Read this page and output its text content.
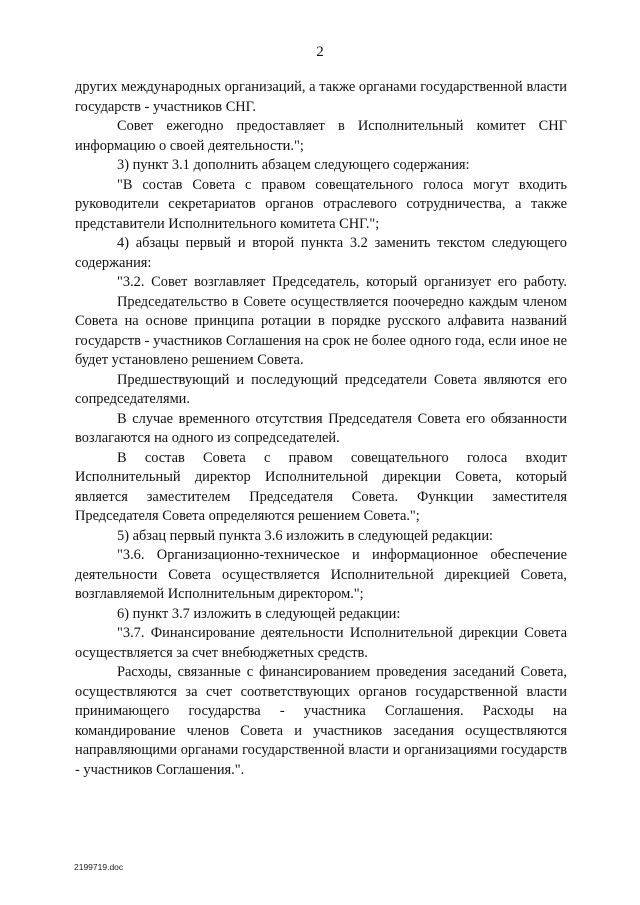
2

других международных организаций, а также органами государственной власти государств - участников СНГ.

Совет ежегодно предоставляет в Исполнительный комитет СНГ информацию о своей деятельности.";

3) пункт 3.1 дополнить абзацем следующего содержания:

"В состав Совета с правом совещательного голоса могут входить руководители секретариатов органов отраслевого сотрудничества, а также представители Исполнительного комитета СНГ.";

4) абзацы первый и второй пункта 3.2 заменить текстом следующего содержания:

"3.2. Совет возглавляет Председатель, который организует его работу.

Председательство в Совете осуществляется поочередно каждым членом Совета на основе принципа ротации в порядке русского алфавита названий государств - участников Соглашения на срок не более одного года, если иное не будет установлено решением Совета.

Предшествующий и последующий председатели Совета являются его сопредседателями.

В случае временного отсутствия Председателя Совета его обязанности возлагаются на одного из сопредседателей.

В состав Совета с правом совещательного голоса входит Исполнительный директор Исполнительной дирекции Совета, который является заместителем Председателя Совета. Функции заместителя Председателя Совета определяются решением Совета.";

5) абзац первый пункта 3.6 изложить в следующей редакции:

"3.6. Организационно-техническое и информационное обеспечение деятельности Совета осуществляется Исполнительной дирекцией Совета, возглавляемой Исполнительным директором.";

6) пункт 3.7 изложить в следующей редакции:

"3.7. Финансирование деятельности Исполнительной дирекции Совета осуществляется за счет внебюджетных средств.

Расходы, связанные с финансированием проведения заседаний Совета, осуществляются за счет соответствующих органов государственной власти принимающего государства - участника Соглашения. Расходы на командирование членов Совета и участников заседания осуществляются направляющими органами государственной власти и организациями государств - участников Соглашения.".

2199719.doc
